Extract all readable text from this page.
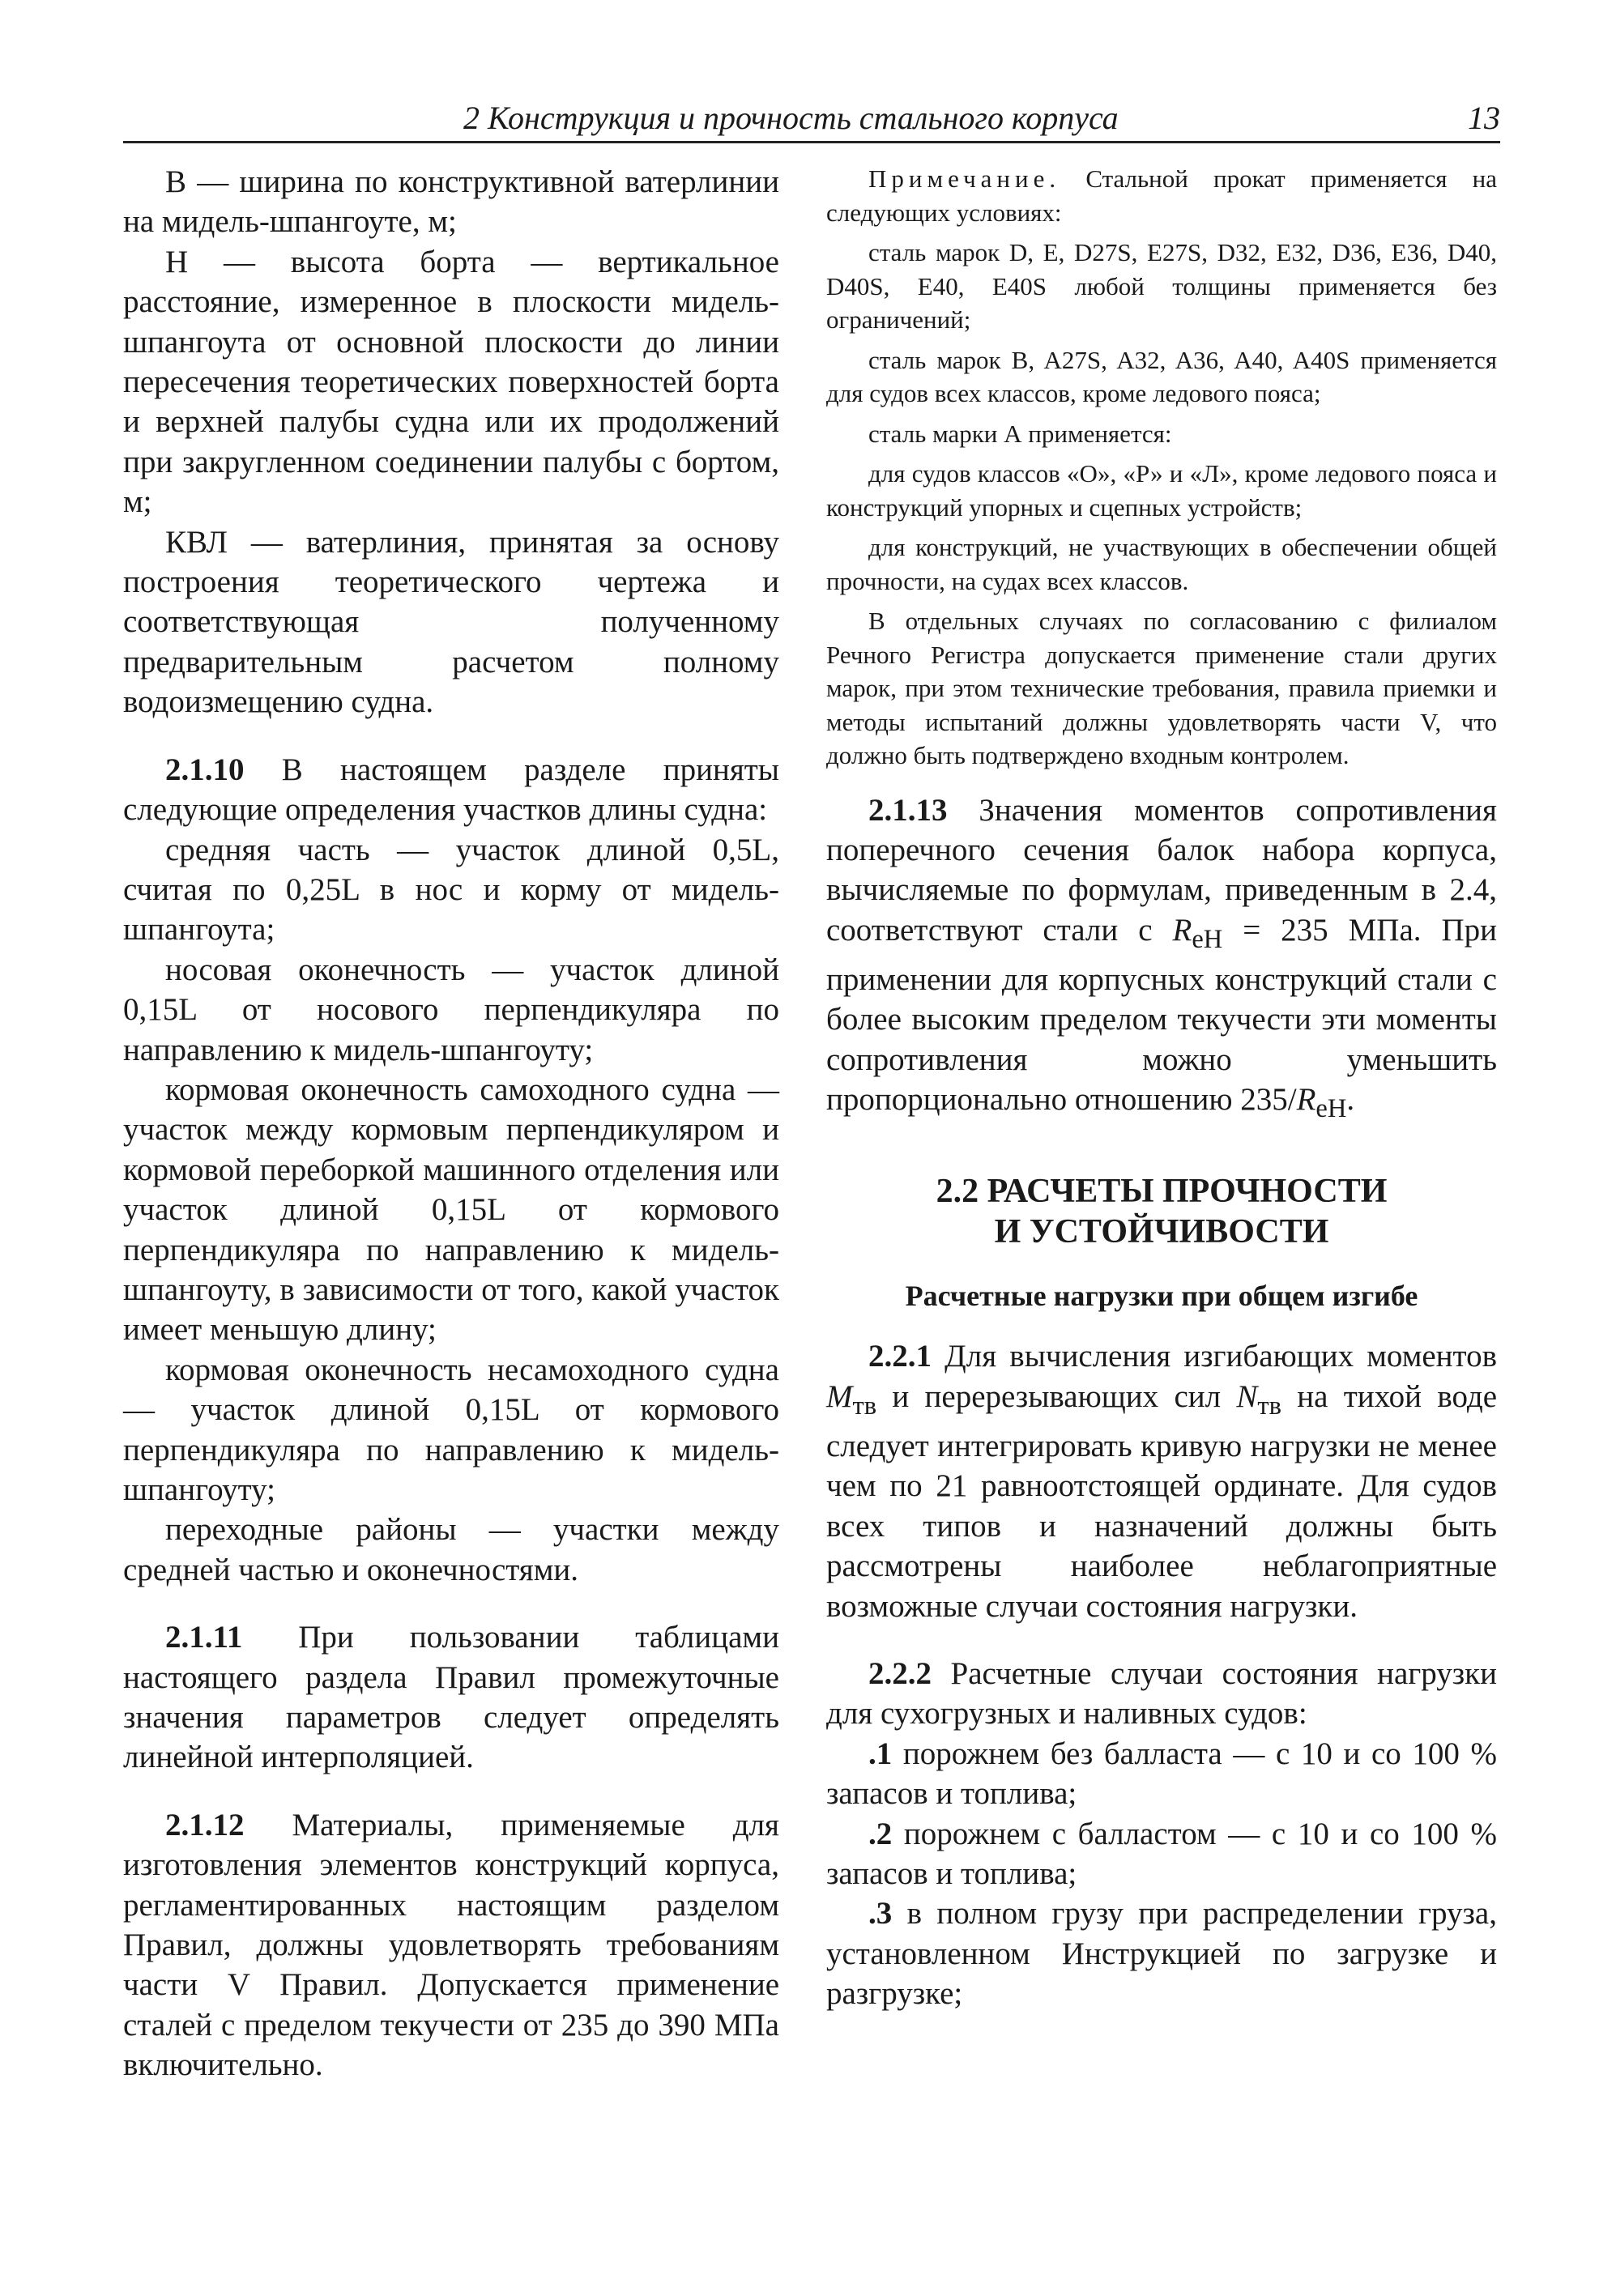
2 Конструкция и прочность стального корпуса	13

В — ширина по конструктивной ватерлинии на мидель-шпангоуте, м;

Н — высота борта — вертикальное расстояние, измеренное в плоскости мидель-шпангоута от основной плоскости до линии пересечения теоретических поверхностей борта и верхней палубы судна или их продолжений при закругленном соединении палубы с бортом, м;

КВЛ — ватерлиния, принятая за основу построения теоретического чертежа и соответствующая полученному предварительным расчетом полному водоизмещению судна.

2.1.10 В настоящем разделе приняты следующие определения участков длины судна:

средняя часть — участок длиной 0,5L, считая по 0,25L в нос и корму от мидель-шпангоута;

носовая оконечность — участок длиной 0,15L от носового перпендикуляра по направлению к мидель-шпангоуту;

кормовая оконечность самоходного судна — участок между кормовым перпендикуляром и кормовой переборкой машинного отделения или участок длиной 0,15L от кормового перпендикуляра по направлению к мидель-шпангоуту, в зависимости от того, какой участок имеет меньшую длину;

кормовая оконечность несамоходного судна — участок длиной 0,15L от кормового перпендикуляра по направлению к мидель-шпангоуту;

переходные районы — участки между средней частью и оконечностями.

2.1.11 При пользовании таблицами настоящего раздела Правил промежуточные значения параметров следует определять линейной интерполяцией.

2.1.12 Материалы, применяемые для изготовления элементов конструкций корпуса, регламентированных настоящим разделом Правил, должны удовлетворять требованиям части V Правил. Допускается применение сталей с пределом текучести от 235 до 390 МПа включительно.

Примечание. Стальной прокат применяется на следующих условиях:

сталь марок D, E, D27S, E27S, D32, E32, D36, E36, D40, D40S, E40, E40S любой толщины применяется без ограничений;

сталь марок B, A27S, A32, A36, A40, A40S применяется для судов всех классов, кроме ледового пояса;

сталь марки А применяется:

для судов классов «О», «Р» и «Л», кроме ледового пояса и конструкций упорных и сцепных устройств;

для конструкций, не участвующих в обеспечении общей прочности, на судах всех классов.

В отдельных случаях по согласованию с филиалом Речного Регистра допускается применение стали других марок, при этом технические требования, правила приемки и методы испытаний должны удовлетворять части V, что должно быть подтверждено входным контролем.

2.1.13 Значения моментов сопротивления поперечного сечения балок набора корпуса, вычисляемые по формулам, приведенным в 2.4, соответствуют стали с $R_{eH} = 235$ МПа. При применении для корпусных конструкций стали с более высоким пределом текучести эти моменты сопротивления можно уменьшить пропорционально отношению $235/R_{eH}$.

2.2 РАСЧЕТЫ ПРОЧНОСТИ
И УСТОЙЧИВОСТИ
Расчетные нагрузки при общем изгибе

2.2.1 Для вычисления изгибающих моментов $M_{тв}$ и перерезывающих сил $N_{тв}$ на тихой воде следует интегрировать кривую нагрузки не менее чем по 21 равноотстоящей ординате. Для судов всех типов и назначений должны быть рассмотрены наиболее неблагоприятные возможные случаи состояния нагрузки.

2.2.2 Расчетные случаи состояния нагрузки для сухогрузных и наливных судов:

.1 порожнем без балласта — с 10 и со 100 % запасов и топлива;

.2 порожнем с балластом — с 10 и со 100 % запасов и топлива;

.3 в полном грузу при распределении груза, установленном Инструкцией по загрузке и разгрузке;
